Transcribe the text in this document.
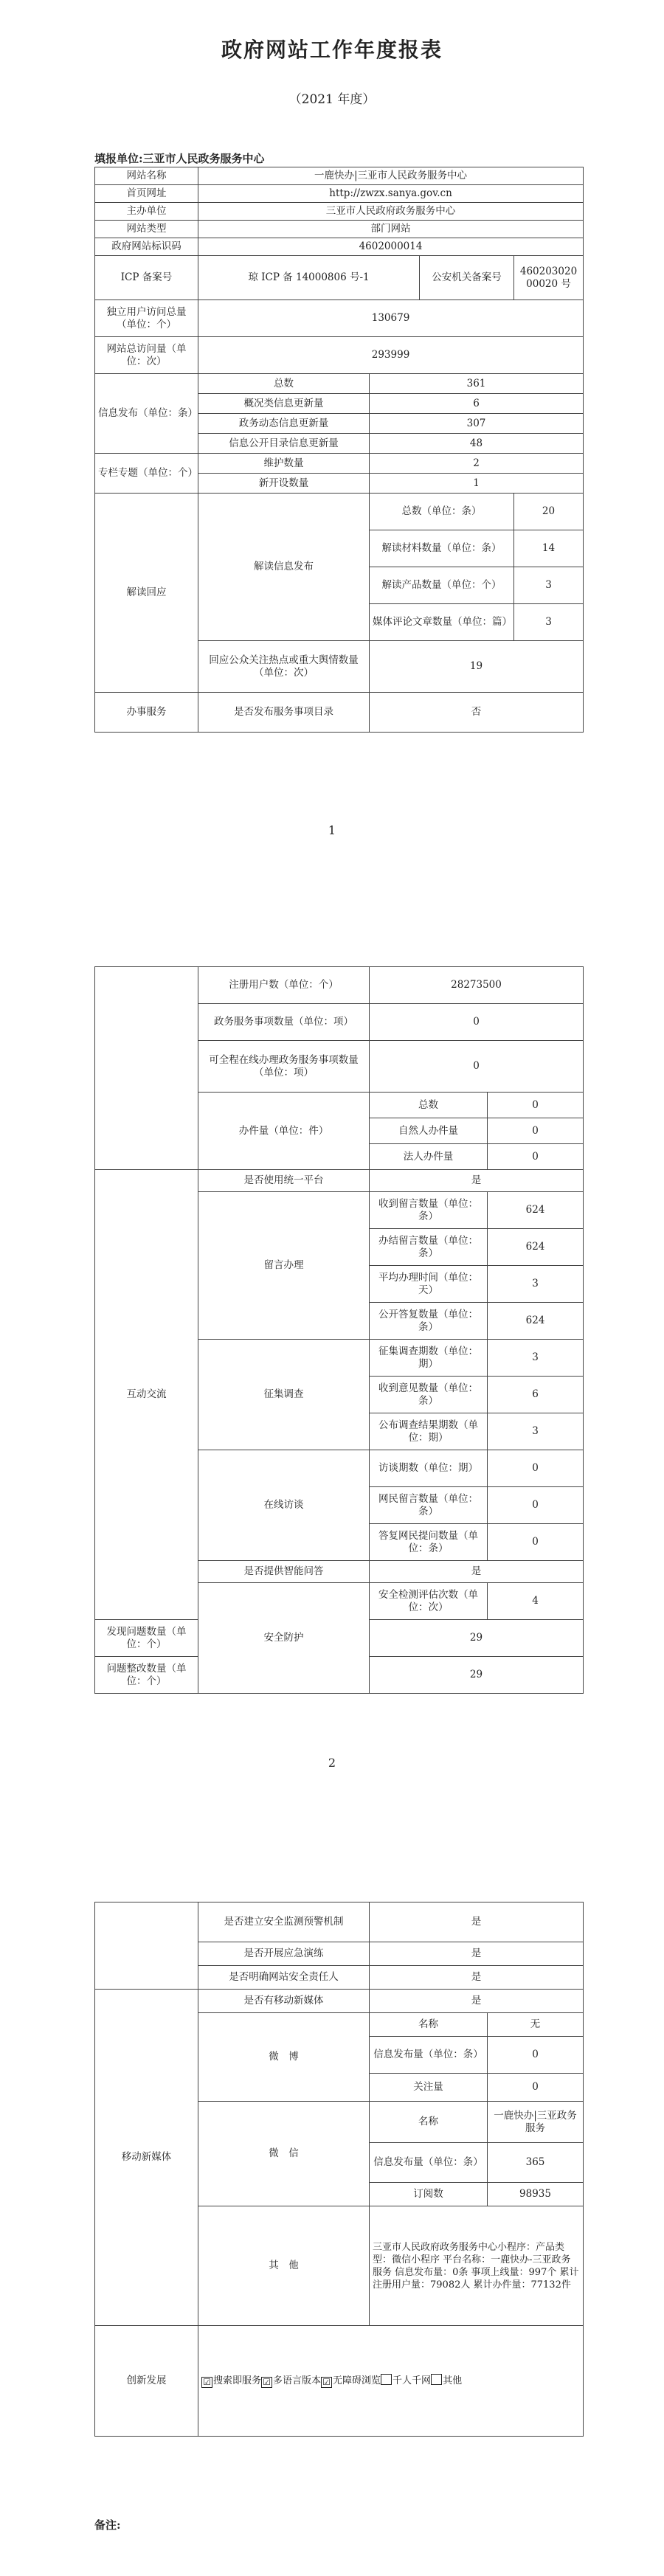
政府网站工作年度报表
（2021 年度）
填报单位:三亚市人民政务服务中心
网站名称	一鹿快办|三亚市人民政务服务中心			
首页网址	http://zwzx.sanya.gov.cn			
主办单位	三亚市人民政府政务服务中心			
网站类型	部门网站			
政府网站标识码	4602000014			
ICP 备案号	琼 ICP 备 14000806 号-1		公安机关备案号	46020302000020 号
独立用户访问总量（单位：个）	130679			
网站总访问量（单位：次）	293999			
信息发布（单位：条）	总数	361		
	概况类信息更新量	6		
	政务动态信息更新量	307		
	信息公开目录信息更新量	48		
专栏专题（单位：个）	维护数量	2		
	新开设数量	1		
解读回应	解读信息发布	总数（单位：条）		20
		解读材料数量（单位：条）		14
		解读产品数量（单位：个）		3
		媒体评论文章数量（单位：篇）		3
	回应公众关注热点或重大舆情数量（单位：次）	19		
办事服务	是否发布服务事项目录	否		
1
	注册用户数（单位：个）	28273500	
	政务服务事项数量（单位：项）	0	
	可全程在线办理政务服务事项数量（单位：项）	0	
	办件量（单位：件）	总数	0
		自然人办件量	0
		法人办件量	0
互动交流	是否使用统一平台	是	
	留言办理	收到留言数量（单位：条）	624
		办结留言数量（单位：条）	624
		平均办理时间（单位：天）	3
		公开答复数量（单位：条）	624
	征集调查	征集调查期数（单位：期）	3
		收到意见数量（单位：条）	6
		公布调查结果期数（单位：期）	3
	在线访谈	访谈期数（单位：期）	0
		网民留言数量（单位：条）	0
		答复网民提问数量（单位：条）	0
	是否提供智能问答	是	
	安全防护	安全检测评估次数（单位：次）	4
发现问题数量（单位：个）		29	
问题整改数量（单位：个）		29	
2
	是否建立安全监测预警机制	是	
	是否开展应急演练	是	
	是否明确网站安全责任人	是	
移动新媒体	是否有移动新媒体	是	
	微　博	名称	无
		信息发布量（单位：条）	0
		关注量	0
	微　信	名称	一鹿快办|三亚政务服务
		信息发布量（单位：条）	365
		订阅数	98935
	其　他	三亚市人民政府政务服务中心小程序：产品类型：微信小程序 平台名称：一鹿快办-三亚政务服务 信息发布量：0条 事项上线量：997个 累计注册用户量：79082人 累计办件量：77132件	
创新发展	☑ 搜索即服务 ☑ 多语言版本 ☑ 无障碍浏览 千人千网 其他		
备注:
